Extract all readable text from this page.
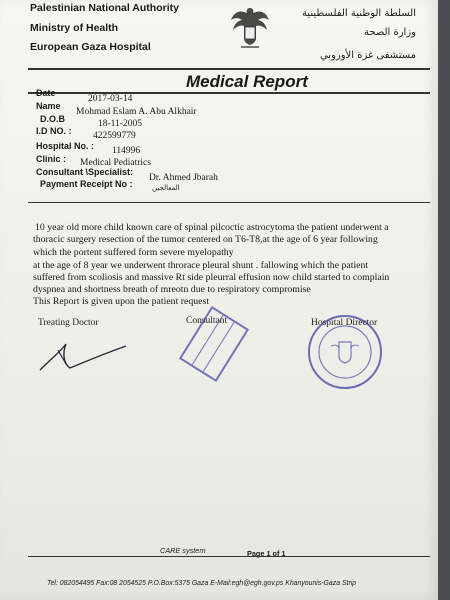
Palestinian National Authority
Ministry of Health
European Gaza Hospital
السلطة الوطنية الفلسطينية
وزارة الصحة
مستشفى غزة الأوروبي
Medical Report
Date
2017-03-14
Name
Mohmad Eslam A. Abu Alkhair
D.O.B	18-11-2005
I.D NO. : 422599779
Hospital No. : 114996
Clinic : Medical Pediatrics
Consultant \Specialist:
Dr. Ahmed Jbarah
Payment Receipt No :	المعالجين
10 year old more child known care of spinal pilcoctic astrocytoma the patient underwent a
thoracic surgery resection of the tumor centered on T6-T8,at the age of 6 year following
which the portent suffered form severe myelopathy
at the age of 8 year we underwent throrace pleural shunt . fallowing which the patient
suffered from scoliosis and massive Rt side pleurral effusion now child started to complain
dyspnea and shortness breath of mreotn due to respiratory compromise
This Report is given upon the patient request
Treating Doctor	Consultant	Hospital Director
CARE system	Page 1 of 1
Tel: 082054495 Fax:08 2054525 P.O.Box:5375 Gaza E-Mail:egh@egh.gov.ps Khanyounis-Gaza Strip
